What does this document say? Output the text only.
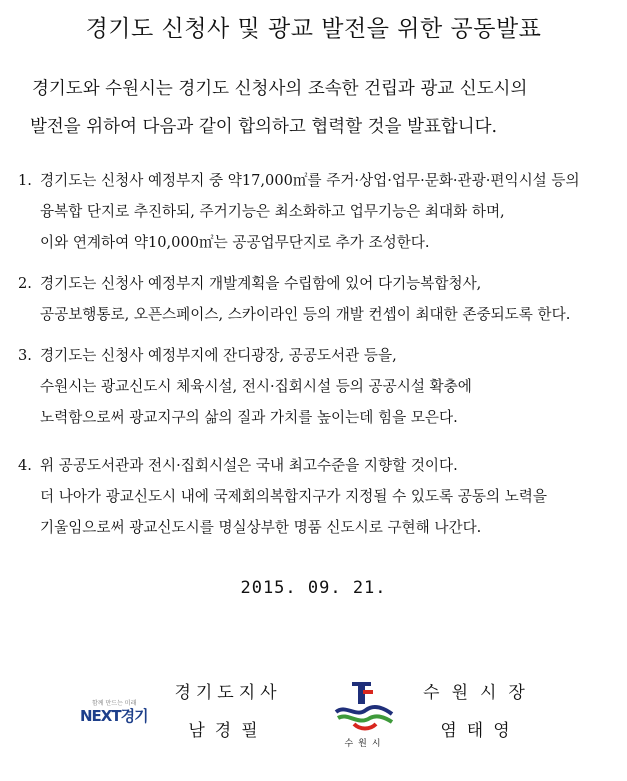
경기도 신청사 및 광교 발전을 위한 공동발표
경기도와 수원시는 경기도 신청사의 조속한 건립과 광교 신도시의
발전을 위하여 다음과 같이 합의하고 협력할 것을 발표합니다.
1. 경기도는 신청사 예정부지 중 약17,000㎡를 주거·상업·업무·문화·관광·편익시설 등의
융복합 단지로 추진하되, 주거기능은 최소화하고 업무기능은 최대화 하며,
이와 연계하여 약10,000㎡는 공공업무단지로 추가 조성한다.
2. 경기도는 신청사 예정부지 개발계획을 수립함에 있어 다기능복합청사,
공공보행통로, 오픈스페이스, 스카이라인 등의 개발 컨셉이 최대한 존중되도록 한다.
3. 경기도는 신청사 예정부지에 잔디광장, 공공도서관 등을,
수원시는 광교신도시 체육시설, 전시·집회시설 등의 공공시설 확충에
노력함으로써 광교지구의 삶의 질과 가치를 높이는데 힘을 모은다.
4. 위 공공도서관과 전시·집회시설은 국내 최고수준을 지향할 것이다.
더 나아가 광교신도시 내에 국제회의복합지구가 지정될 수 있도록 공동의 노력을
기울임으로써 광교신도시를 명실상부한 명품 신도시로 구현해 나간다.
2015. 09. 21.
함께 만드는 미래
NEXT경기
경기도지사
남경필
수원시
수원시장
염태영
